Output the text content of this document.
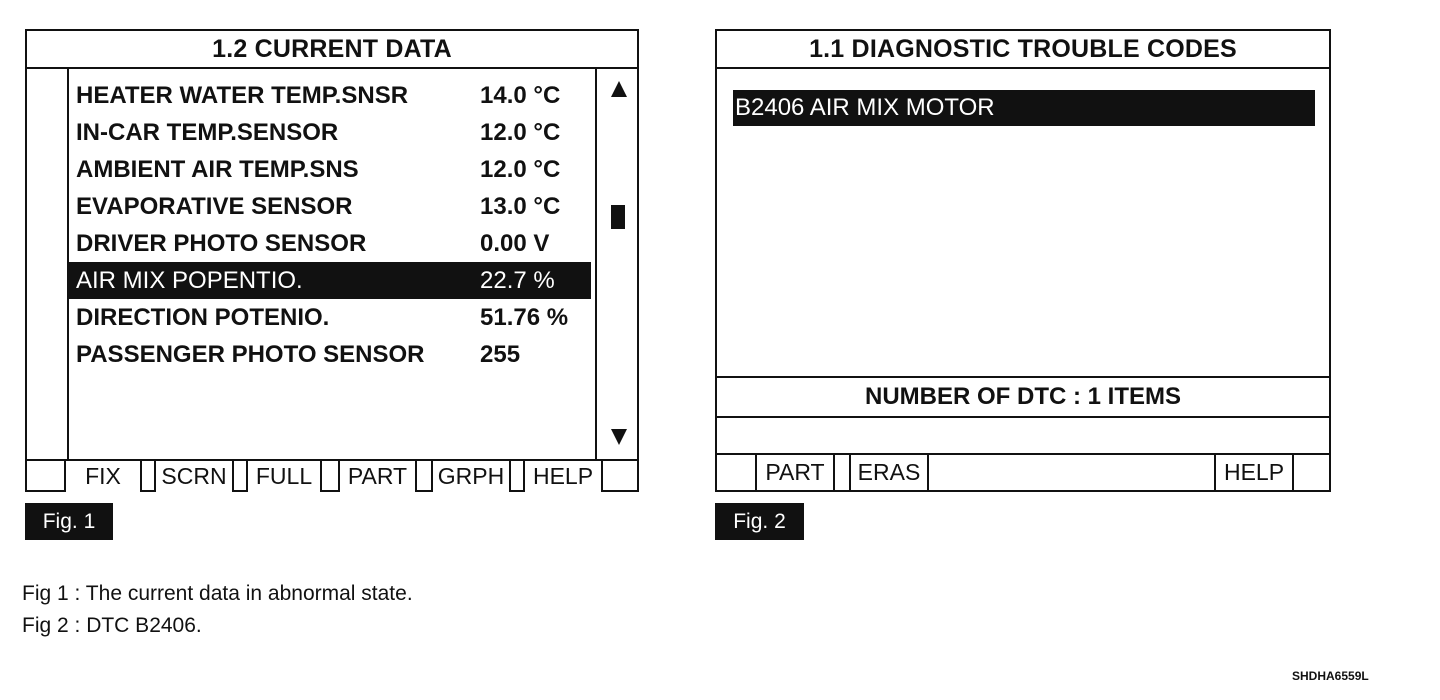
1.2 CURRENT DATA
HEATER WATER TEMP.SNSR	14.0 °C
IN-CAR TEMP.SENSOR	12.0 °C
AMBIENT AIR TEMP.SNS	12.0 °C
EVAPORATIVE SENSOR	13.0 °C
DRIVER PHOTO SENSOR	0.00 V
AIR MIX POPENTIO.	22.7 %
DIRECTION POTENIO.	51.76 %
PASSENGER PHOTO SENSOR 255
FIX	SCRN	FULL	PART	GRPH	HELP
1.1 DIAGNOSTIC TROUBLE CODES
B2406 AIR MIX MOTOR
NUMBER OF DTC : 1 ITEMS
PART	ERAS	HELP
Fig. 1	Fig. 2
Fig 1 : The current data in abnormal state.
Fig 2 : DTC B2406.
SHDHA6559L
